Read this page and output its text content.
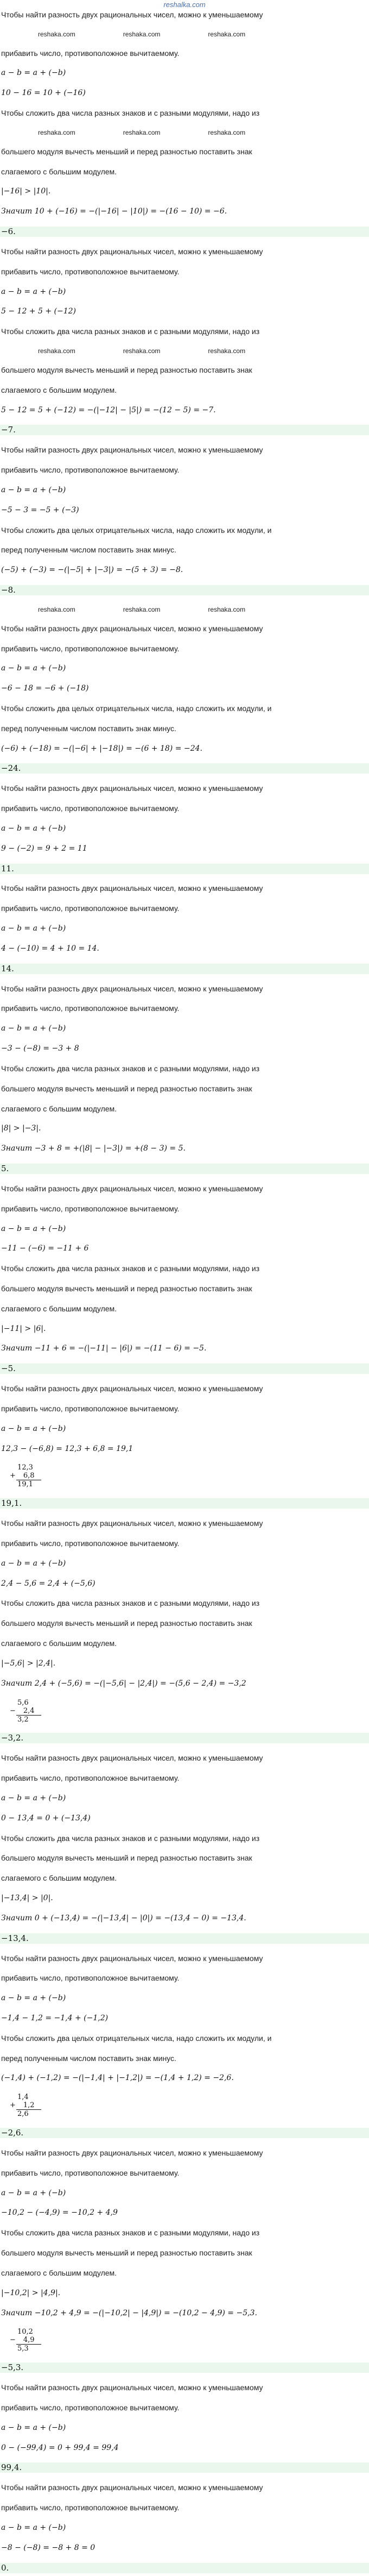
reshalka.com
Чтобы найти разность двух рациональных чисел, можно к уменьшаемому
reshaka.com	reshaka.com	reshaka.com
прибавить число, противоположное вычитаемому.
a − b = a + (−b)
10 − 16 = 10 + (−16)
Чтобы сложить два числа разных знаков и с разными модулями, надо из
reshaka.com	reshaka.com	reshaka.com
большего модуля вычесть меньший и перед разностью поставить знак
слагаемого с большим модулем.
|−16| > |10|.
Значит 10 + (−16) = −(|−16| − |10|) = −(16 − 10) = −6.
−6.
Чтобы найти разность двух рациональных чисел, можно к уменьшаемому
прибавить число, противоположное вычитаемому.
a − b = a + (−b)
5 − 12 + 5 + (−12)
Чтобы сложить два числа разных знаков и с разными модулями, надо из
reshaka.com	reshaka.com	reshaka.com
большего модуля вычесть меньший и перед разностью поставить знак
слагаемого с большим модулем.
5 − 12 = 5 + (−12) = −(|−12| − |5|) = −(12 − 5) = −7.
−7.
Чтобы найти разность двух рациональных чисел, можно к уменьшаемому
прибавить число, противоположное вычитаемому.
a − b = a + (−b)
−5 − 3 = −5 + (−3)
Чтобы сложить два целых отрицательных числа, надо сложить их модули, и
перед полученным числом поставить знак минус.
(−5) + (−3) = −(|−5| + |−3|) = −(5 + 3) = −8.
−8.
reshaka.com	reshaka.com	reshaka.com
Чтобы найти разность двух рациональных чисел, можно к уменьшаемому
прибавить число, противоположное вычитаемому.
a − b = a + (−b)
−6 − 18 = −6 + (−18)
Чтобы сложить два целых отрицательных числа, надо сложить их модули, и
перед полученным числом поставить знак минус.
(−6) + (−18) = −(|−6| + |−18|) = −(6 + 18) = −24.
−24.
Чтобы найти разность двух рациональных чисел, можно к уменьшаемому
прибавить число, противоположное вычитаемому.
a − b = a + (−b)
9 − (−2) = 9 + 2 = 11
11.
Чтобы найти разность двух рациональных чисел, можно к уменьшаемому
прибавить число, противоположное вычитаемому.
a − b = a + (−b)
4 − (−10) = 4 + 10 = 14.
14.
Чтобы найти разность двух рациональных чисел, можно к уменьшаемому
прибавить число, противоположное вычитаемому.
a − b = a + (−b)
−3 − (−8) = −3 + 8
Чтобы сложить два числа разных знаков и с разными модулями, надо из
большего модуля вычесть меньший и перед разностью поставить знак
слагаемого с большим модулем.
|8| > |−3|.
Значит −3 + 8 = +(|8| − |−3|) = +(8 − 3) = 5.
5.
Чтобы найти разность двух рациональных чисел, можно к уменьшаемому
прибавить число, противоположное вычитаемому.
a − b = a + (−b)
−11 − (−6) = −11 + 6
Чтобы сложить два числа разных знаков и с разными модулями, надо из
большего модуля вычесть меньший и перед разностью поставить знак
слагаемого с большим модулем.
|−11| > |6|.
Значит −11 + 6 = −(|−11| − |6|) = −(11 − 6) = −5.
−5.
Чтобы найти разность двух рациональных чисел, можно к уменьшаемому
прибавить число, противоположное вычитаемому.
a − b = a + (−b)
12,3 − (−6,8) = 12,3 + 6,8 = 19,1
12,3
+ 6,8
19,1
19,1.
Чтобы найти разность двух рациональных чисел, можно к уменьшаемому
прибавить число, противоположное вычитаемому.
a − b = a + (−b)
2,4 − 5,6 = 2,4 + (−5,6)
Чтобы сложить два числа разных знаков и с разными модулями, надо из
большего модуля вычесть меньший и перед разностью поставить знак
слагаемого с большим модулем.
|−5,6| > |2,4|.
Значит 2,4 + (−5,6) = −(|−5,6| − |2,4|) = −(5,6 − 2,4) = −3,2
5,6
− 2,4
3,2
−3,2.
Чтобы найти разность двух рациональных чисел, можно к уменьшаемому
прибавить число, противоположное вычитаемому.
a − b = a + (−b)
0 − 13,4 = 0 + (−13,4)
Чтобы сложить два числа разных знаков и с разными модулями, надо из
большего модуля вычесть меньший и перед разностью поставить знак
слагаемого с большим модулем.
|−13,4| > |0|.
Значит 0 + (−13,4) = −(|−13,4| − |0|) = −(13,4 − 0) = −13,4.
−13,4.
Чтобы найти разность двух рациональных чисел, можно к уменьшаемому
прибавить число, противоположное вычитаемому.
a − b = a + (−b)
−1,4 − 1,2 = −1,4 + (−1,2)
Чтобы сложить два целых отрицательных числа, надо сложить их модули, и
перед полученным числом поставить знак минус.
(−1,4) + (−1,2) = −(|−1,4| + |−1,2|) = −(1,4 + 1,2) = −2,6.
1,4
+ 1,2
2,6
−2,6.
Чтобы найти разность двух рациональных чисел, можно к уменьшаемому
прибавить число, противоположное вычитаемому.
a − b = a + (−b)
−10,2 − (−4,9) = −10,2 + 4,9
Чтобы сложить два числа разных знаков и с разными модулями, надо из
большего модуля вычесть меньший и перед разностью поставить знак
слагаемого с большим модулем.
|−10,2| > |4,9|.
Значит −10,2 + 4,9 = −(|−10,2| − |4,9|) = −(10,2 − 4,9) = −5,3.
10,2
− 4,9
5,3
−5,3.
Чтобы найти разность двух рациональных чисел, можно к уменьшаемому
прибавить число, противоположное вычитаемому.
a − b = a + (−b)
0 − (−99,4) = 0 + 99,4 = 99,4
99,4.
Чтобы найти разность двух рациональных чисел, можно к уменьшаемому
прибавить число, противоположное вычитаемому.
a − b = a + (−b)
−8 − (−8) = −8 + 8 = 0
0.
